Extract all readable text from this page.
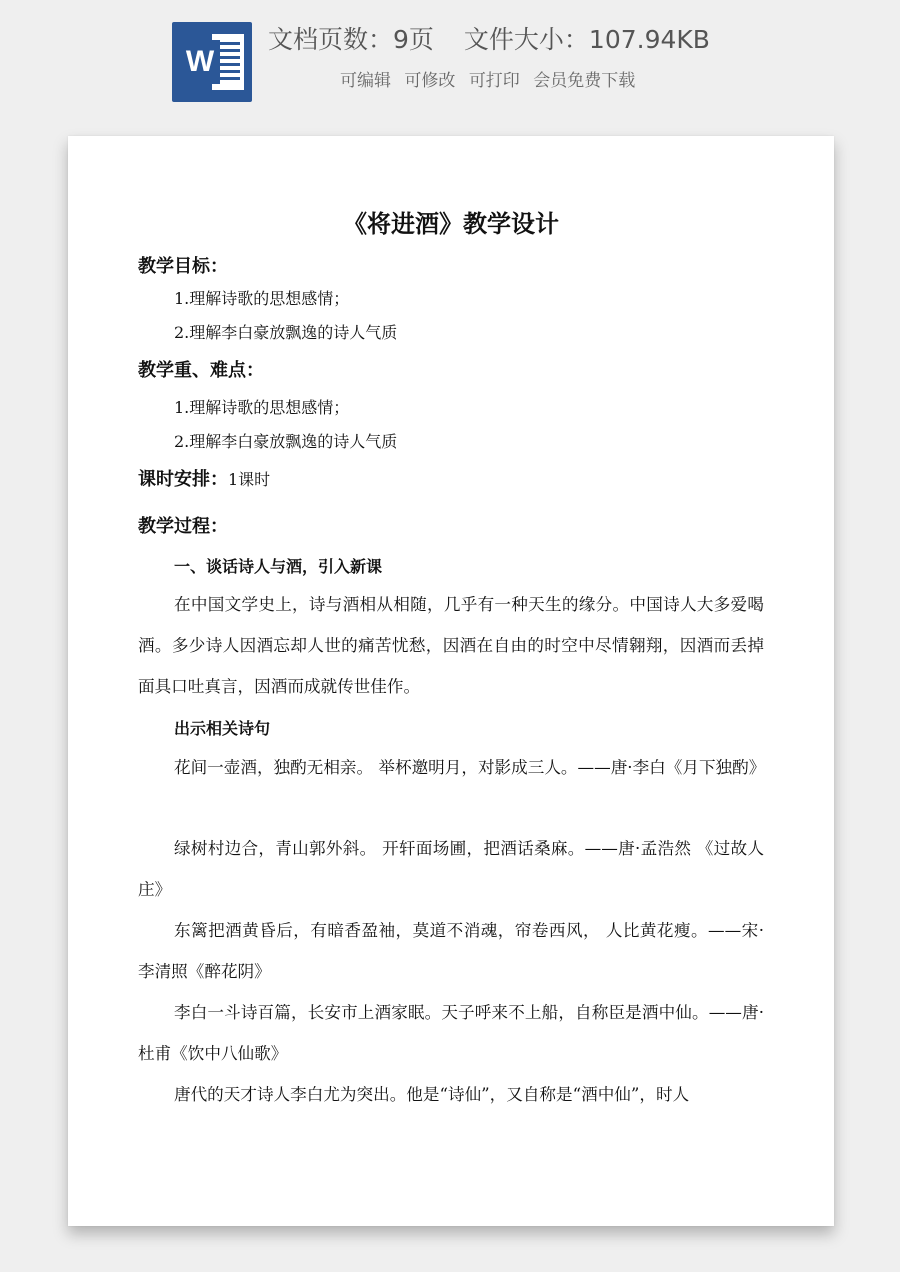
W
文档页数：9页 文件大小：107.94KB
可编辑 可修改 可打印 会员免费下载
《将进酒》教学设计
教学目标：
1.理解诗歌的思想感情；
2.理解李白豪放飘逸的诗人气质
教学重、难点：
1.理解诗歌的思想感情；
2.理解李白豪放飘逸的诗人气质
课时安排：1课时
教学过程：
一、谈话诗人与酒，引入新课

在中国文学史上，诗与酒相从相随，几乎有一种天生的缘分。中国诗人大多爱喝酒。多少诗人因酒忘却人世的痛苦忧愁，因酒在自由的时空中尽情翱翔，因酒而丢掉面具口吐真言，因酒而成就传世佳作。

出示相关诗句

花间一壶酒，独酌无相亲。 举杯邀明月，对影成三人。——唐·李白《月下独酌》

绿树村边合，青山郭外斜。 开轩面场圃，把酒话桑麻。——唐·孟浩然 《过故人庄》

东篱把酒黄昏后，有暗香盈袖，莫道不消魂，帘卷西风， 人比黄花瘦。——宋·李清照《醉花阴》

李白一斗诗百篇，长安市上酒家眠。天子呼来不上船，自称臣是酒中仙。——唐·杜甫《饮中八仙歌》

唐代的天才诗人李白尤为突出。他是“诗仙”，又自称是“酒中仙”，时人
